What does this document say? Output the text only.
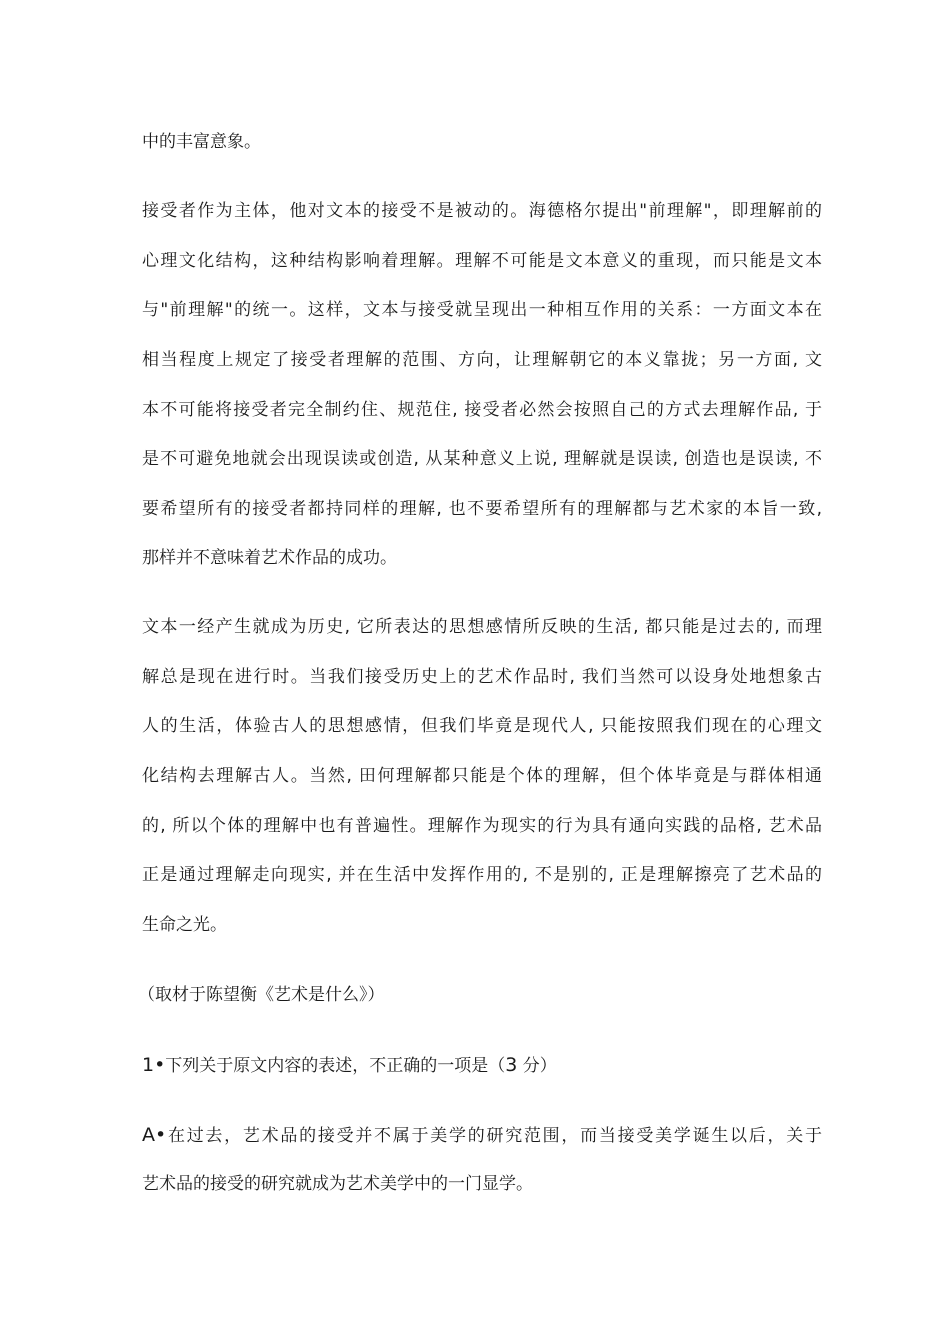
中的丰富意象。
接受者作为主体，他对文本的接受不是被动的。海德格尔提出"前理解"，即理解前的
心理文化结构，这种结构影响着理解。理解不可能是文本意义的重现，而只能是文本
与"前理解"的统一。这样，文本与接受就呈现出一种相互作用的关系：一方面文本在
相当程度上规定了接受者理解的范围、方向，让理解朝它的本义靠拢；另一方面, 文
本不可能将接受者完全制约住、规范住, 接受者必然会按照自己的方式去理解作品, 于
是不可避免地就会出现误读或创造, 从某种意义上说, 理解就是误读, 创造也是误读, 不
要希望所有的接受者都持同样的理解, 也不要希望所有的理解都与艺术家的本旨一致,
那样并不意味着艺术作品的成功。
文本一经产生就成为历史, 它所表达的思想感情所反映的生活, 都只能是过去的, 而理
解总是现在进行时。当我们接受历史上的艺术作品时, 我们当然可以设身处地想象古
人的生活，体验古人的思想感情，但我们毕竟是现代人, 只能按照我们现在的心理文
化结构去理解古人。当然, 田何理解都只能是个体的理解，但个体毕竟是与群体相通
的, 所以个体的理解中也有普遍性。理解作为现实的行为具有通向实践的品格, 艺术品
正是通过理解走向现实, 并在生活中发挥作用的, 不是别的, 正是理解擦亮了艺术品的
生命之光。
（取材于陈望衡《艺术是什么》）
1•下列关于原文内容的表述，不正确的一项是（3 分）
A•在过去，艺术品的接受并不属于美学的研究范围，而当接受美学诞生以后，关于
艺术品的接受的研究就成为艺术美学中的一门显学。
